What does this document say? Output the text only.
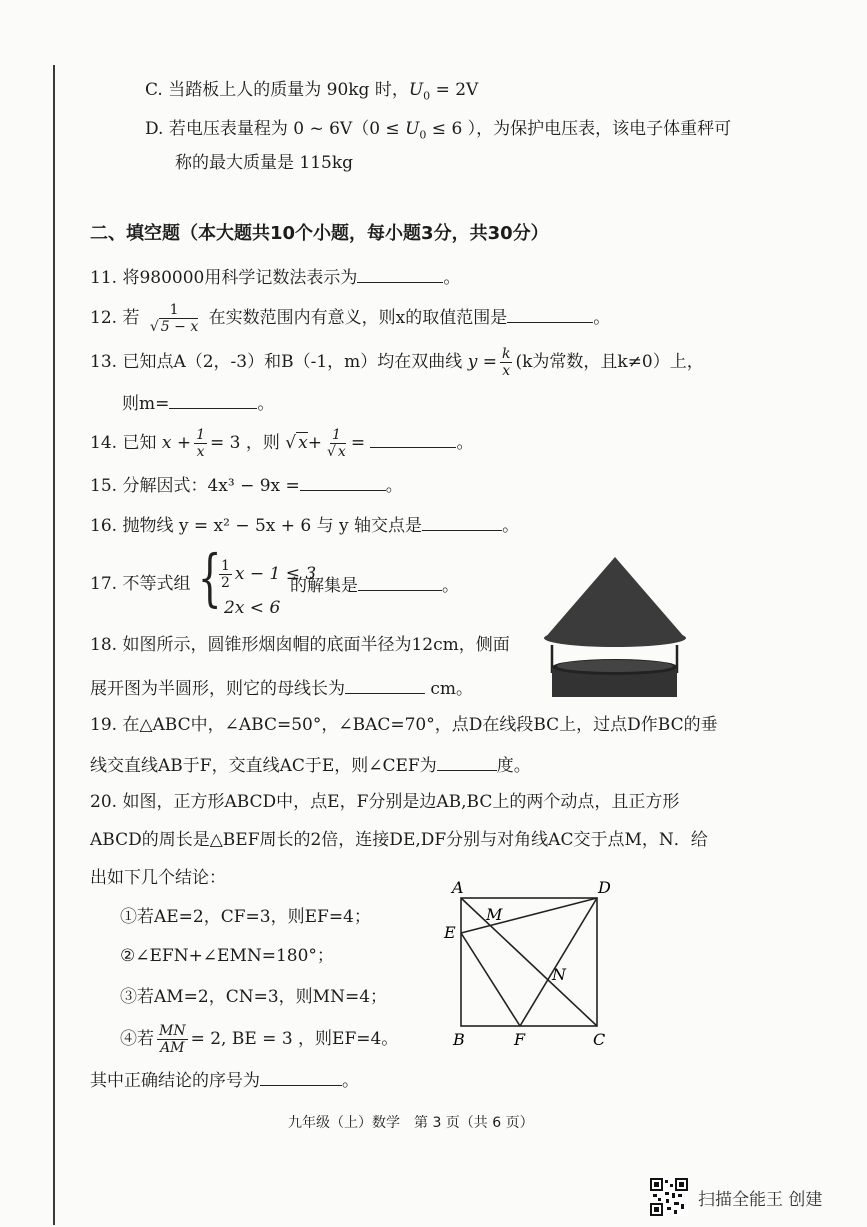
C. 当踏板上人的质量为 90kg 时，$U_0 = 2V$
D. 若电压表量程为 0 ~ $6V(0 \le U_0 \le 6$ ），为保护电压表，该电子体重秤可
称的最大质量是 115kg
二、填空题（本大题共10个小题，每小题3分，共30分）
11. 将980000用科学记数法表示为	。
12. 若 $\frac{1}{√ 5 - x}$ 在实数范围内有意义，则x的取值范围是	。
13. 已知点A（2，-3）和B（-1，m）均在双曲线 $y = \frac{k}{x} (k$为常数，且k≠0）上，
则m=	。
14. 已知 $x + \frac{1}{x} = 3$ ，则 √ $x+ \frac{1}{√ x}$ =	。
15. 分解因式：4x³ − 9x =	。
16. 抛物线 y = x² − 5x + 6 与 y 轴交点是	。
17. 不等式组 {
$\frac{1}{2}$ x − 1 ≤ 3
2x < 6
的解集是	。
18. 如图所示，圆锥形烟囱帽的底面半径为12cm，侧面
展开图为半圆形，则它的母线长为	cm。
19. 在△ABC中，∠ABC=50°，∠BAC=70°，点D在线段BC上，过点D作BC的垂
线交直线AB于F，交直线AC于E，则∠CEF为	度。
20. 如图，正方形ABCD中，点E，F分别是边AB,BC上的两个动点，且正方形
ABCD的周长是△BEF周长的2倍，连接DE,DF分别与对角线AC交于点M，N．给
出如下几个结论：
①若AE=2，CF=3，则EF=4；
②∠EFN+∠EMN=180°；
③若AM=2，CN=3，则MN=4；
④若 $\frac{MN}{AM} = 2$, BE = 3 ，则EF=4。
其中正确结论的序号为	。
A	D
E
M
N
B	F	C
九年级（上）数学　第 3 页（共 6 页）
扫描全能王 创建
